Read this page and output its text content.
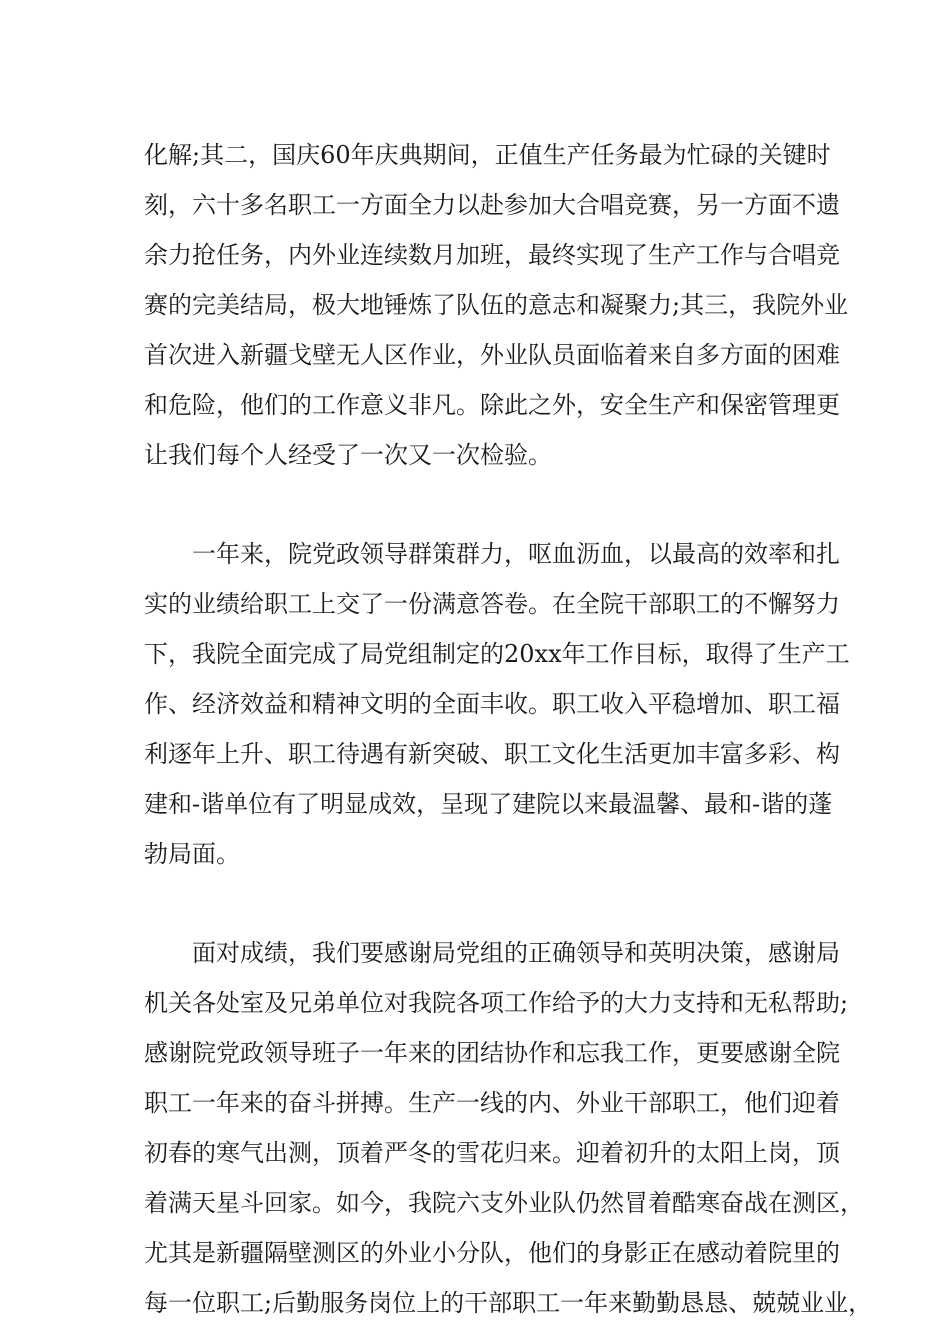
化解;其二，国庆60年庆典期间，正值生产任务最为忙碌的关键时
刻，六十多名职工一方面全力以赴参加大合唱竞赛，另一方面不遗
余力抢任务，内外业连续数月加班，最终实现了生产工作与合唱竞
赛的完美结局，极大地锤炼了队伍的意志和凝聚力;其三，我院外业
首次进入新疆戈壁无人区作业，外业队员面临着来自多方面的困难
和危险，他们的工作意义非凡。除此之外，安全生产和保密管理更
让我们每个人经受了一次又一次检验。
一年来，院党政领导群策群力，呕血沥血，以最高的效率和扎
实的业绩给职工上交了一份满意答卷。在全院干部职工的不懈努力
下，我院全面完成了局党组制定的20xx年工作目标，取得了生产工
作、经济效益和精神文明的全面丰收。职工收入平稳增加、职工福
利逐年上升、职工待遇有新突破、职工文化生活更加丰富多彩、构
建和-谐单位有了明显成效，呈现了建院以来最温馨、最和-谐的蓬
勃局面。
面对成绩，我们要感谢局党组的正确领导和英明决策，感谢局
机关各处室及兄弟单位对我院各项工作给予的大力支持和无私帮助;
感谢院党政领导班子一年来的团结协作和忘我工作，更要感谢全院
职工一年来的奋斗拼搏。生产一线的内、外业干部职工，他们迎着
初春的寒气出测，顶着严冬的雪花归来。迎着初升的太阳上岗，顶
着满天星斗回家。如今，我院六支外业队仍然冒着酷寒奋战在测区，
尤其是新疆隔壁测区的外业小分队，他们的身影正在感动着院里的
每一位职工;后勤服务岗位上的干部职工一年来勤勤恳恳、兢兢业业，
